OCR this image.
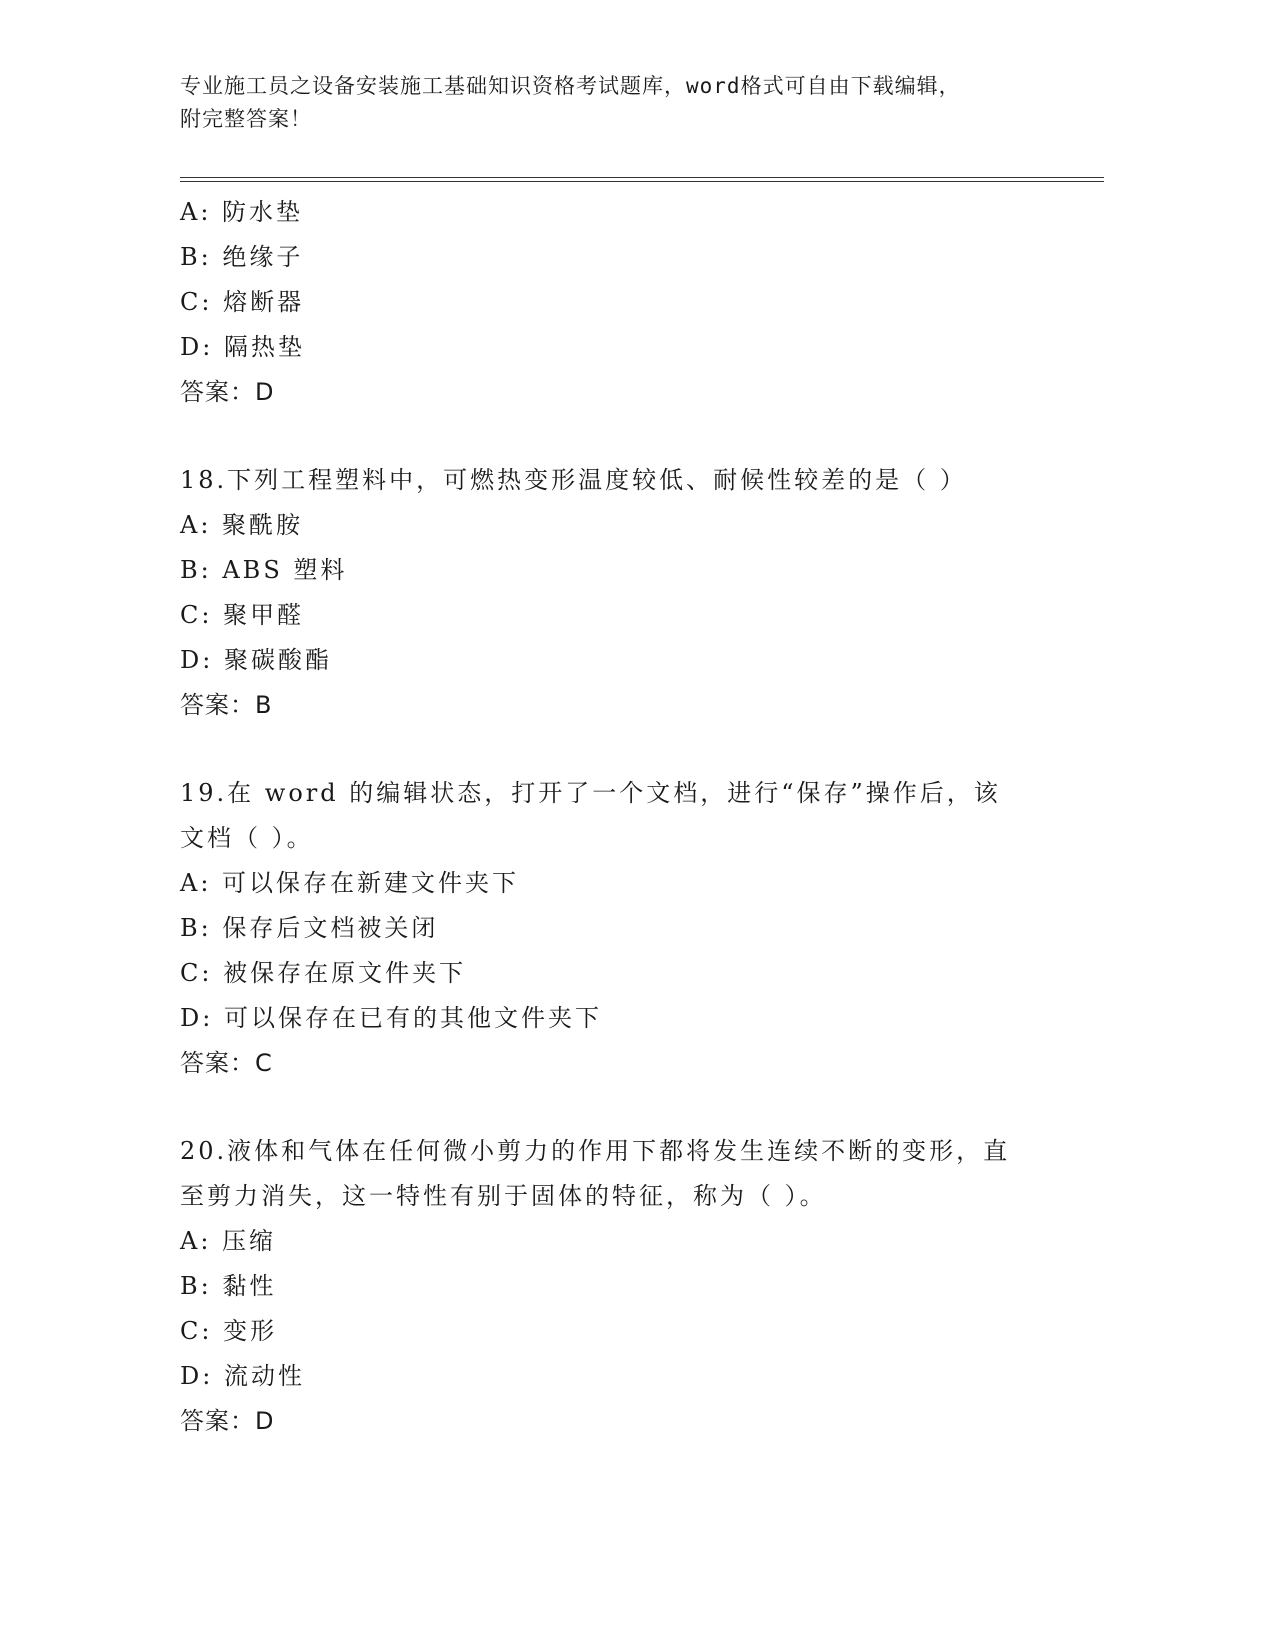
专业施工员之设备安装施工基础知识资格考试题库，word格式可自由下载编辑，
附完整答案！
A: 防水垫
B: 绝缘子
C: 熔断器
D: 隔热垫
答案：D
18.下列工程塑料中，可燃热变形温度较低、耐候性较差的是（ ）
A: 聚酰胺
B: ABS 塑料
C: 聚甲醛
D: 聚碳酸酯
答案：B
19.在 word 的编辑状态，打开了一个文档，进行“保存”操作后，该
文档（ ）。
A: 可以保存在新建文件夹下
B: 保存后文档被关闭
C: 被保存在原文件夹下
D: 可以保存在已有的其他文件夹下
答案：C
20.液体和气体在任何微小剪力的作用下都将发生连续不断的变形，直
至剪力消失，这一特性有别于固体的特征，称为（ ）。
A: 压缩
B: 黏性
C: 变形
D: 流动性
答案：D
